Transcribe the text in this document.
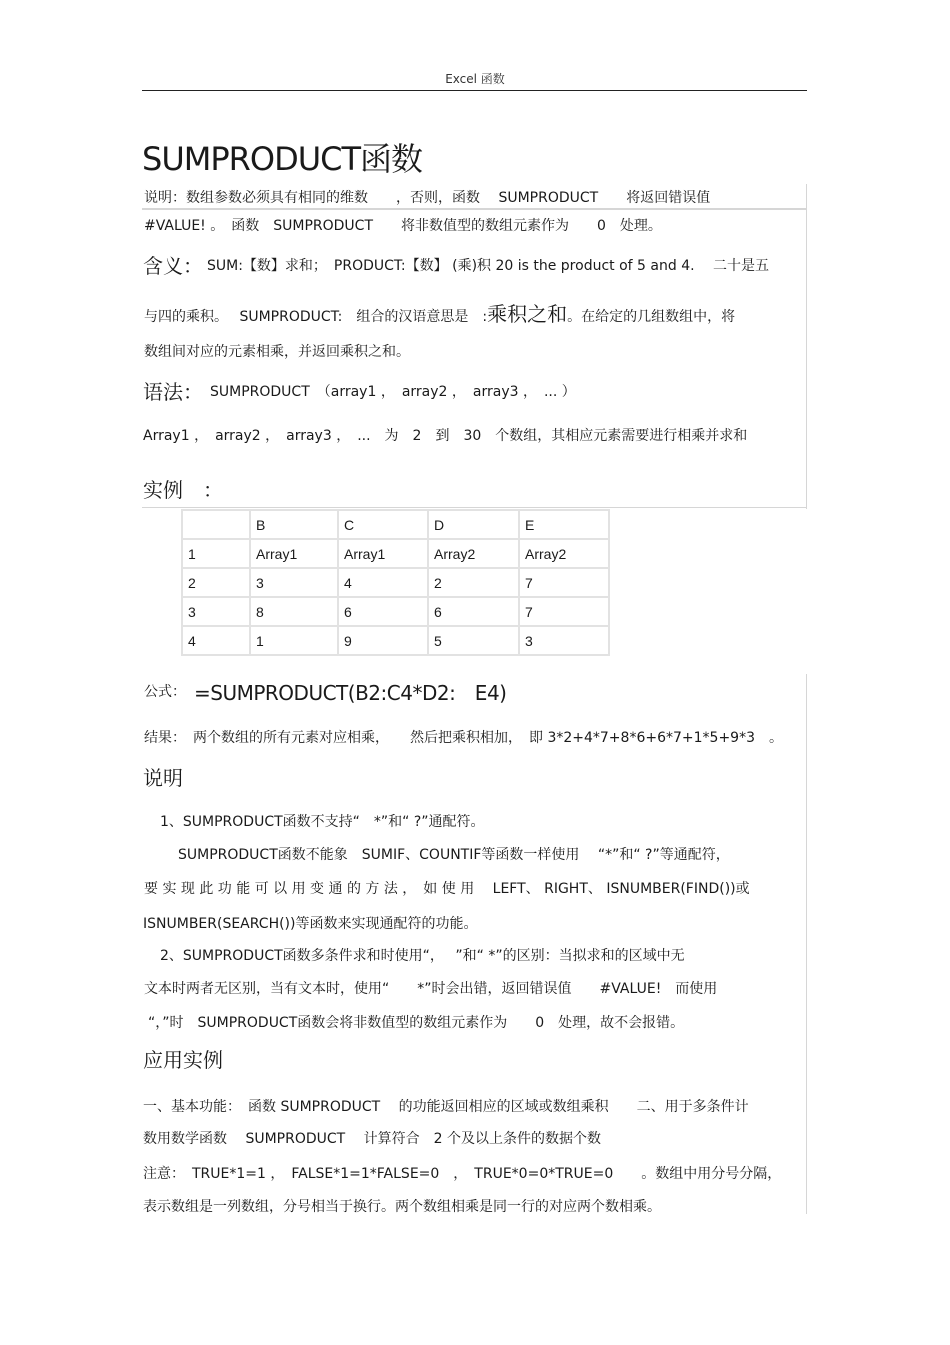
Excel 函数
SUMPRODUCT函数
说明：数组参数必须具有相同的维数　　，否则，函数　 SUMPRODUCT　　将返回错误值
#VALUE! 。　函数　SUMPRODUCT　　将非数值型的数组元素作为　　0　处理。
含义： SUM:【数】求和；　PRODUCT:【数】 (乘)积 20 is the product of 5 and 4.　 二十是五
与四的乘积。　 SUMPRODUCT:　组合的汉语意思是　:乘积之和。在给定的几组数组中，将
数组间对应的元素相乘，并返回乘积之和。
语法： SUMPRODUCT　（array1 ，　array2 ，　array3 ，　... ）
Array1 ，　array2 ，　array3 ，　...　为　2　到　30　个数组，其相应元素需要进行相乘并求和
实例　：
	B	C	D	E
1	Array1	Array1	Array2	Array2
2	3	4	2	7
3	8	6	6	7
4	1	9	5	3
公式： =SUMPRODUCT(B2:C4*D2:　E4)
结果：　两个数组的所有元素对应相乘，　　然后把乘积相加，　即 3*2+4*7+8*6+6*7+1*5+9*3　。
说明
1、SUMPRODUCT函数不支持“　*”和“ ?”通配符。
SUMPRODUCT函数不能象　SUMIF、COUNTIF等函数一样使用　 “*”和“ ?”等通配符，
要 实 现 此 功 能 可 以 用 变 通 的 方 法 ，　如 使 用　 LEFT、 RIGHT、 ISNUMBER(FIND())或
ISNUMBER(SEARCH())等函数来实现通配符的功能。
2、SUMPRODUCT函数多条件求和时使用“，　 ”和“ *”的区别：当拟求和的区域中无
文本时两者无区别，当有文本时，使用“　　*”时会出错，返回错误值　　#VALUE!　而使用
“，”时　SUMPRODUCT函数会将非数值型的数组元素作为　　0　处理，故不会报错。
应用实例
一、基本功能：　函数 SUMPRODUCT　 的功能返回相应的区域或数组乘积　　二、用于多条件计
数用数学函数　 SUMPRODUCT　 计算符合　2 个及以上条件的数据个数
注意：　TRUE*1=1 ，　FALSE*1=1*FALSE=0　，　TRUE*0=0*TRUE=0　　。数组中用分号分隔，
表示数组是一列数组，分号相当于换行。两个数组相乘是同一行的对应两个数相乘。
